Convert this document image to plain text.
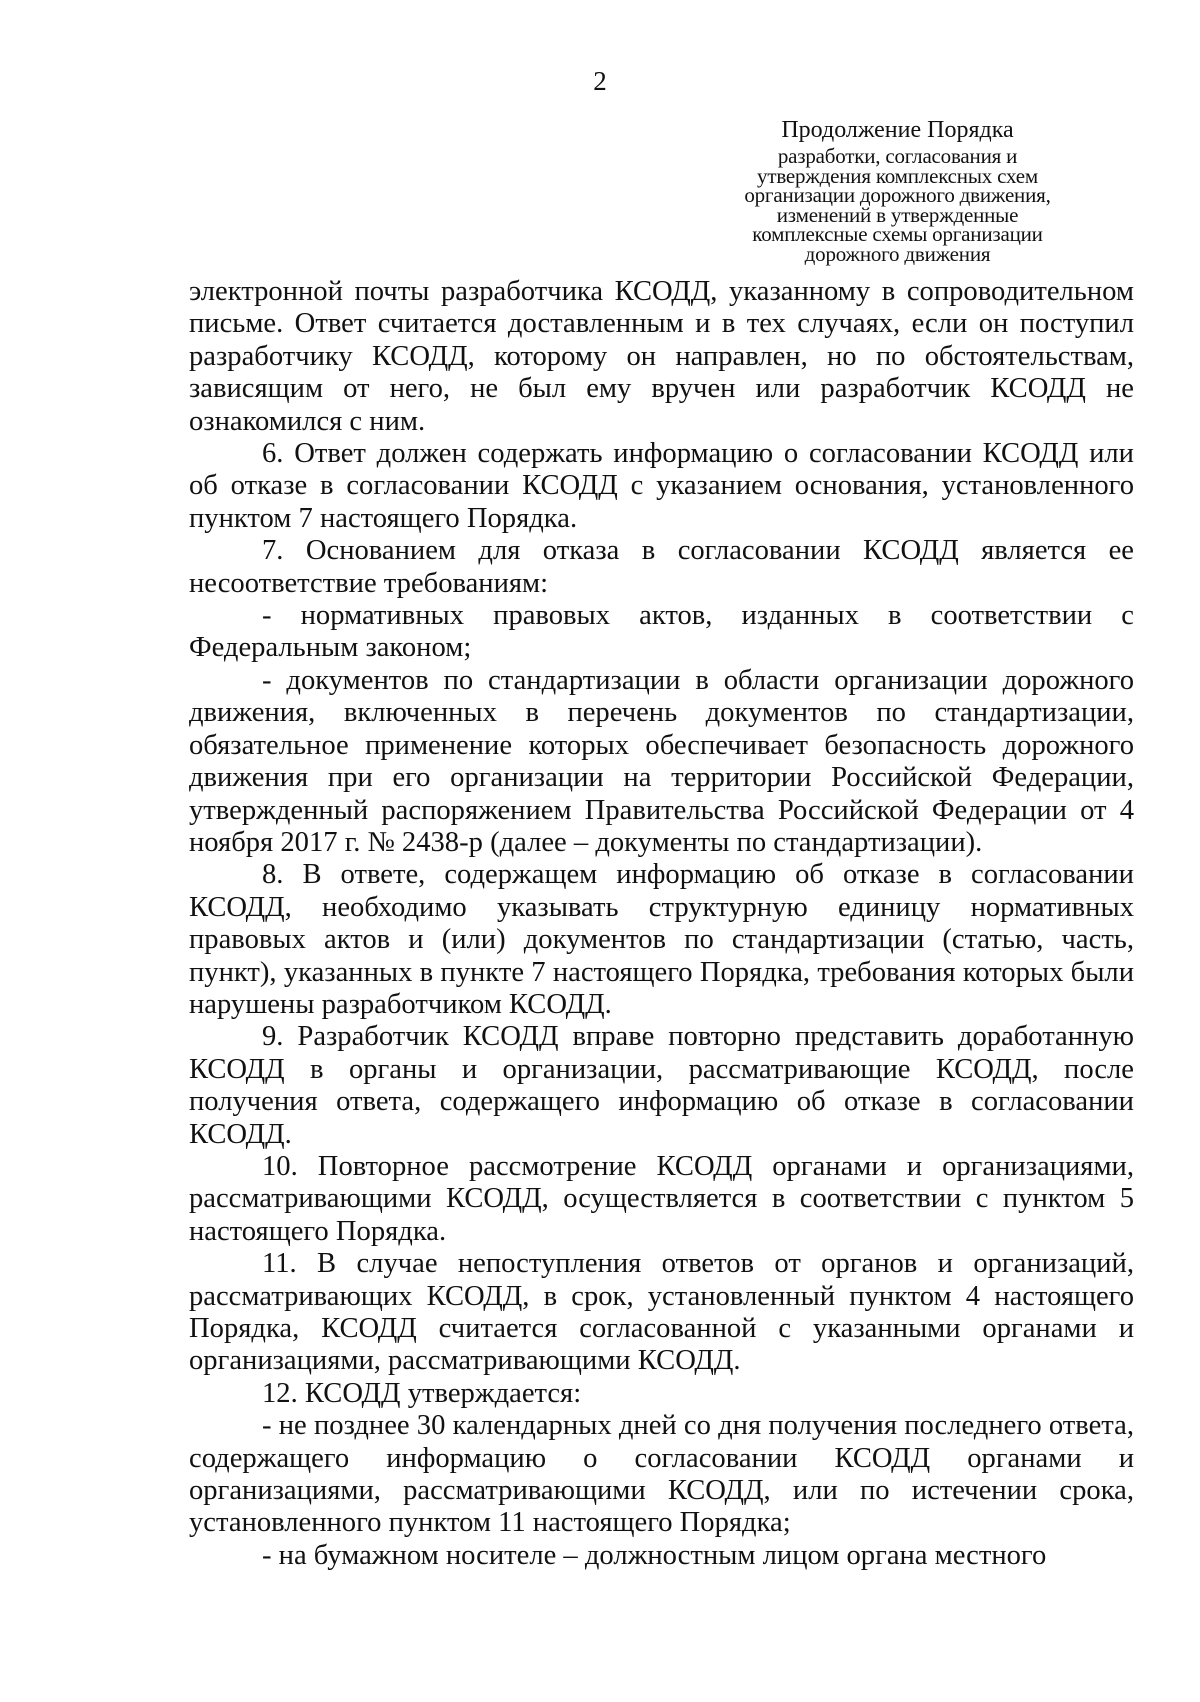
2
Продолжение Порядка
разработки, согласования и
утверждения комплексных схем
организации дорожного движения,
изменений в утвержденные
комплексные схемы организации
дорожного движения

электронной почты разработчика КСОДД, указанному в сопроводительном письме. Ответ считается доставленным и в тех случаях, если он поступил разработчику КСОДД, которому он направлен, но по обстоятельствам, зависящим от него, не был ему вручен или разработчик КСОДД не ознакомился с ним.

6. Ответ должен содержать информацию о согласовании КСОДД или об отказе в согласовании КСОДД с указанием основания, установленного пунктом 7 настоящего Порядка.

7. Основанием для отказа в согласовании КСОДД является ее несоответствие требованиям:

- нормативных правовых актов, изданных в соответствии с Федеральным законом;

- документов по стандартизации в области организации дорожного движения, включенных в перечень документов по стандартизации, обязательное применение которых обеспечивает безопасность дорожного движения при его организации на территории Российской Федерации, утвержденный распоряжением Правительства Российской Федерации от 4 ноября 2017 г. № 2438-р (далее – документы по стандартизации).

8. В ответе, содержащем информацию об отказе в согласовании КСОДД, необходимо указывать структурную единицу нормативных правовых актов и (или) документов по стандартизации (статью, часть, пункт), указанных в пункте 7 настоящего Порядка, требования которых были нарушены разработчиком КСОДД.

9. Разработчик КСОДД вправе повторно представить доработанную КСОДД в органы и организации, рассматривающие КСОДД, после получения ответа, содержащего информацию об отказе в согласовании КСОДД.

10. Повторное рассмотрение КСОДД органами и организациями, рассматривающими КСОДД, осуществляется в соответствии с пунктом 5 настоящего Порядка.

11. В случае непоступления ответов от органов и организаций, рассматривающих КСОДД, в срок, установленный пунктом 4 настоящего Порядка, КСОДД считается согласованной с указанными органами и организациями, рассматривающими КСОДД.

12. КСОДД утверждается:

- не позднее 30 календарных дней со дня получения последнего ответа, содержащего информацию о согласовании КСОДД органами и организациями, рассматривающими КСОДД, или по истечении срока, установленного пунктом 11 настоящего Порядка;

- на бумажном носителе – должностным лицом органа местного
